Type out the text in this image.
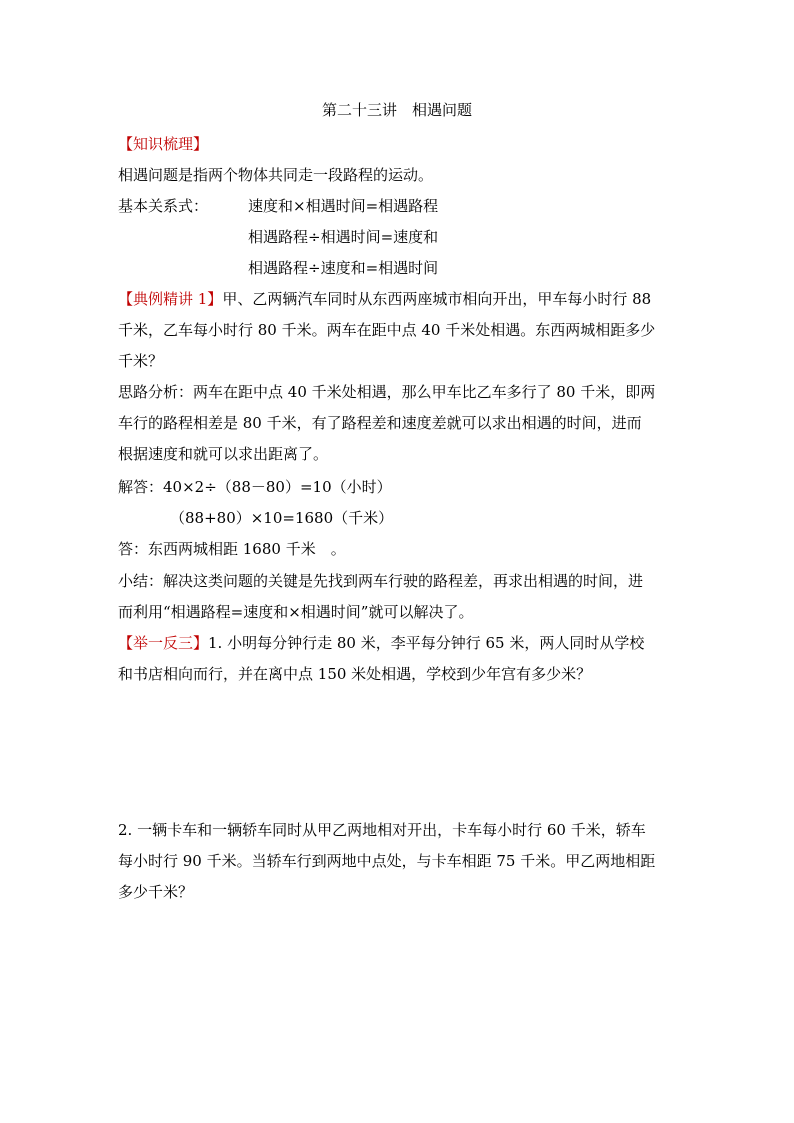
第二十三讲　相遇问题
【知识梳理】
相遇问题是指两个物体共同走一段路程的运动。
基本关系式：	速度和×相遇时间=相遇路程
相遇路程÷相遇时间=速度和
相遇路程÷速度和=相遇时间
【典例精讲 1】甲、乙两辆汽车同时从东西两座城市相向开出，甲车每小时行 88
千米，乙车每小时行 80 千米。两车在距中点 40 千米处相遇。东西两城相距多少
千米？
思路分析：两车在距中点 40 千米处相遇，那么甲车比乙车多行了 80 千米，即两
车行的路程相差是 80 千米，有了路程差和速度差就可以求出相遇的时间，进而
根据速度和就可以求出距离了。
解答：40×2÷（88－80）=10（小时）
（88+80）×10=1680（千米）
答：东西两城相距 1680 千米　。
小结：解决这类问题的关键是先找到两车行驶的路程差，再求出相遇的时间，进
而利用“相遇路程=速度和×相遇时间”就可以解决了。
【举一反三】1. 小明每分钟行走 80 米，李平每分钟行 65 米，两人同时从学校
和书店相向而行，并在离中点 150 米处相遇，学校到少年宫有多少米？
2. 一辆卡车和一辆轿车同时从甲乙两地相对开出，卡车每小时行 60 千米，轿车
每小时行 90 千米。当轿车行到两地中点处，与卡车相距 75 千米。甲乙两地相距
多少千米？
